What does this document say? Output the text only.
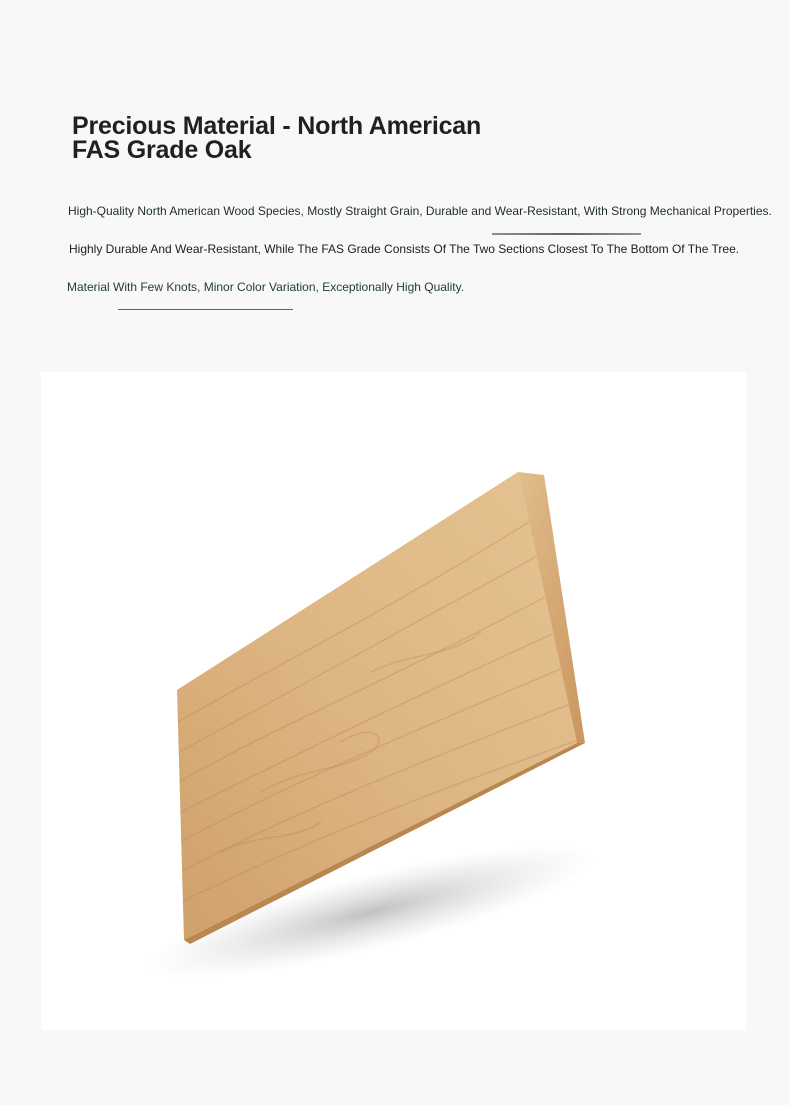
Precious Material - North American
FAS Grade Oak

High-Quality North American Wood Species, Mostly Straight Grain, Durable and Wear-Resistant, With Strong Mechanical Properties.

Highly Durable And Wear-Resistant, While The FAS Grade Consists Of The Two Sections Closest To The Bottom Of The Tree.

Material With Few Knots, Minor Color Variation, Exceptionally High Quality.
